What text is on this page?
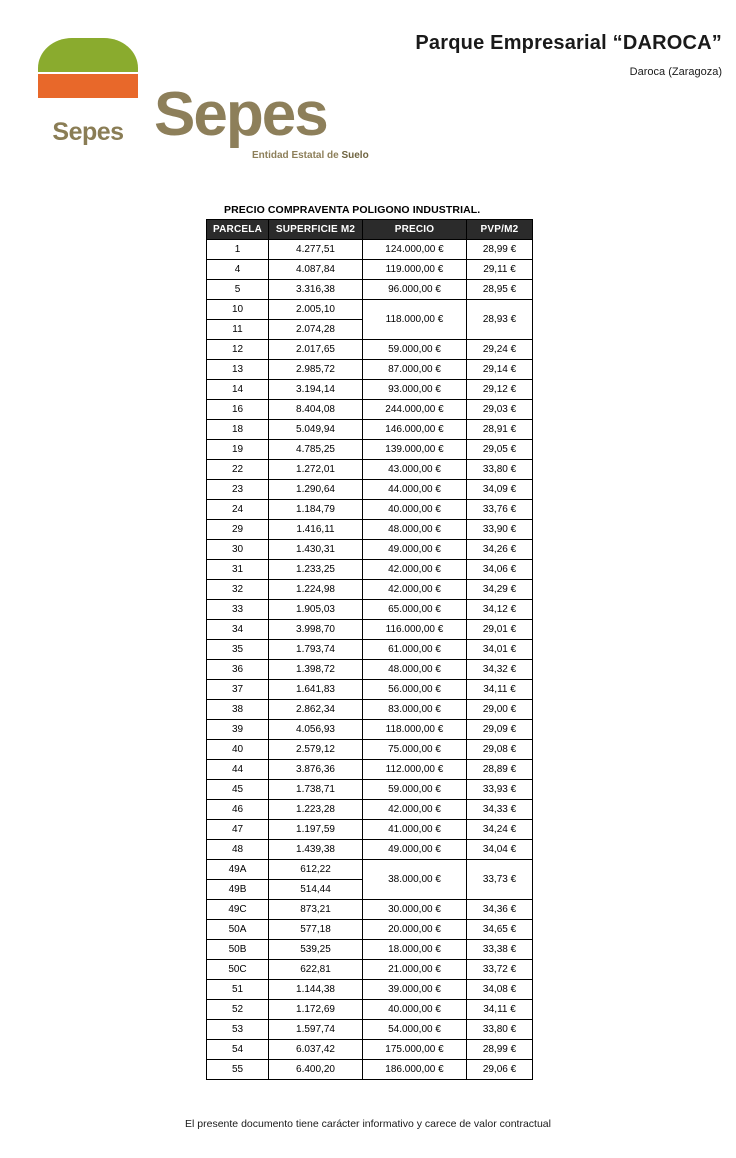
Sepes Sepes
Entidad Estatal de Suelo
Parque Empresarial “DAROCA”
Daroca (Zaragoza)
PRECIO COMPRAVENTA POLIGONO INDUSTRIAL.
PARCELA	SUPERFICIE M2	PRECIO	PVP/M2
1	4.277,51	124.000,00 €	28,99 €
4	4.087,84	119.000,00 €	29,11 €
5	3.316,38	96.000,00 €	28,95 €
10	2.005,10	118.000,00 €	28,93 €
11	2.074,28		
12	2.017,65	59.000,00 €	29,24 €
13	2.985,72	87.000,00 €	29,14 €
14	3.194,14	93.000,00 €	29,12 €
16	8.404,08	244.000,00 €	29,03 €
18	5.049,94	146.000,00 €	28,91 €
19	4.785,25	139.000,00 €	29,05 €
22	1.272,01	43.000,00 €	33,80 €
23	1.290,64	44.000,00 €	34,09 €
24	1.184,79	40.000,00 €	33,76 €
29	1.416,11	48.000,00 €	33,90 €
30	1.430,31	49.000,00 €	34,26 €
31	1.233,25	42.000,00 €	34,06 €
32	1.224,98	42.000,00 €	34,29 €
33	1.905,03	65.000,00 €	34,12 €
34	3.998,70	116.000,00 €	29,01 €
35	1.793,74	61.000,00 €	34,01 €
36	1.398,72	48.000,00 €	34,32 €
37	1.641,83	56.000,00 €	34,11 €
38	2.862,34	83.000,00 €	29,00 €
39	4.056,93	118.000,00 €	29,09 €
40	2.579,12	75.000,00 €	29,08 €
44	3.876,36	112.000,00 €	28,89 €
45	1.738,71	59.000,00 €	33,93 €
46	1.223,28	42.000,00 €	34,33 €
47	1.197,59	41.000,00 €	34,24 €
48	1.439,38	49.000,00 €	34,04 €
49A	612,22	38.000,00 €	33,73 €
49B	514,44		
49C	873,21	30.000,00 €	34,36 €
50A	577,18	20.000,00 €	34,65 €
50B	539,25	18.000,00 €	33,38 €
50C	622,81	21.000,00 €	33,72 €
51	1.144,38	39.000,00 €	34,08 €
52	1.172,69	40.000,00 €	34,11 €
53	1.597,74	54.000,00 €	33,80 €
54	6.037,42	175.000,00 €	28,99 €
55	6.400,20	186.000,00 €	29,06 €
El presente documento tiene carácter informativo y carece de valor contractual
